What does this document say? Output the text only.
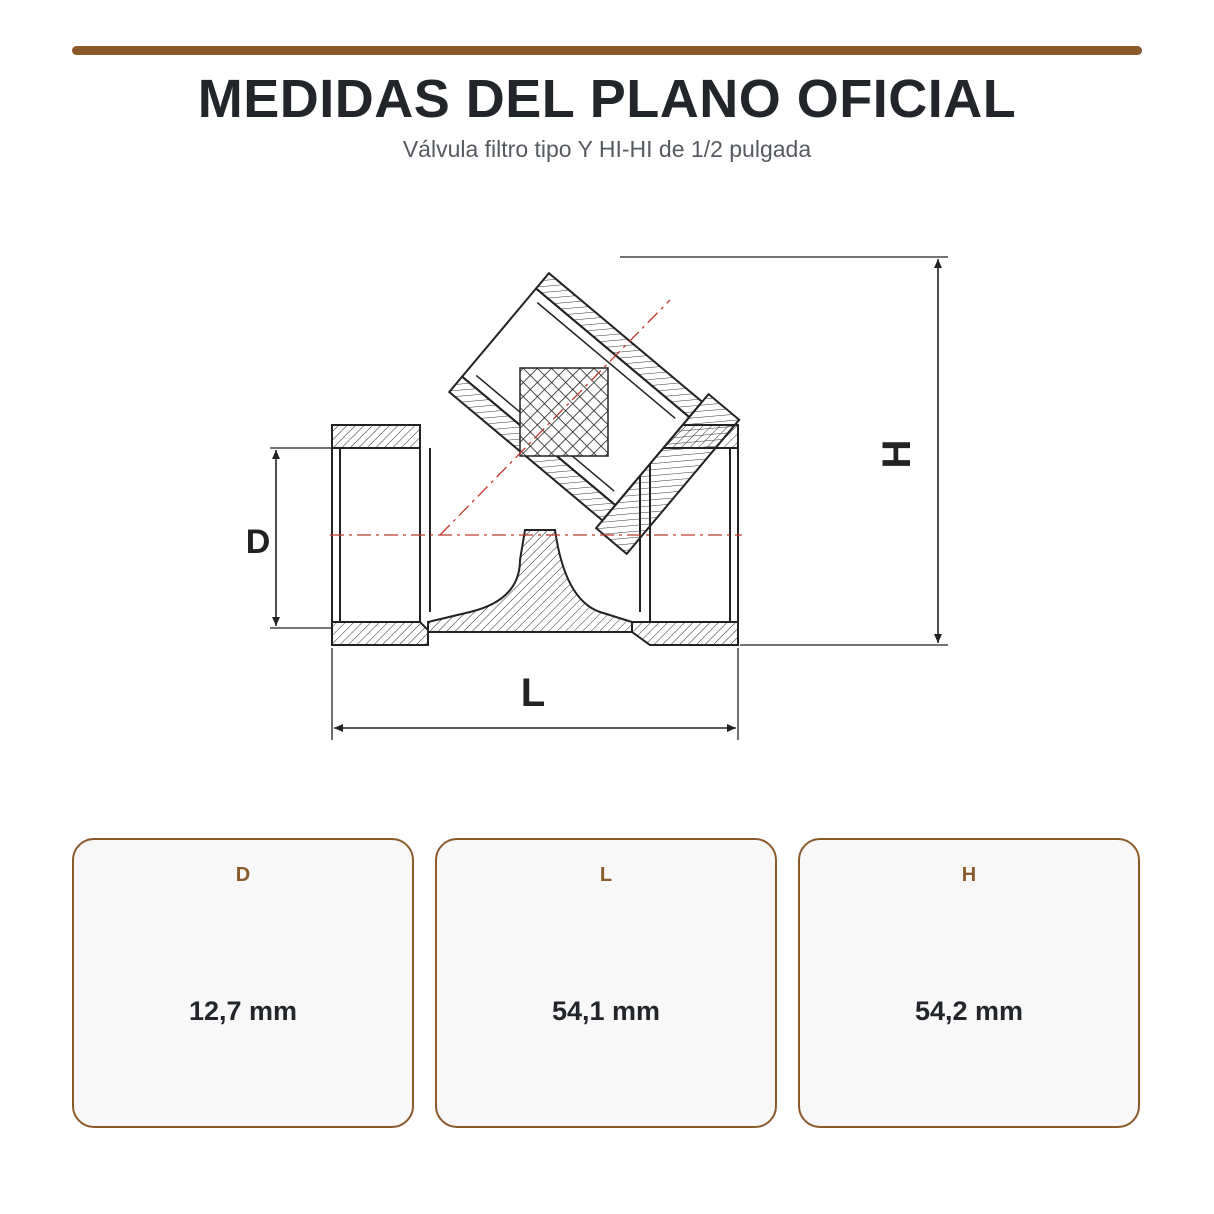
MEDIDAS DEL PLANO OFICIAL
Válvula filtro tipo Y HI-HI de 1/2 pulgada
D
L
H
D
12,7 mm
L
54,1 mm
H
54,2 mm
